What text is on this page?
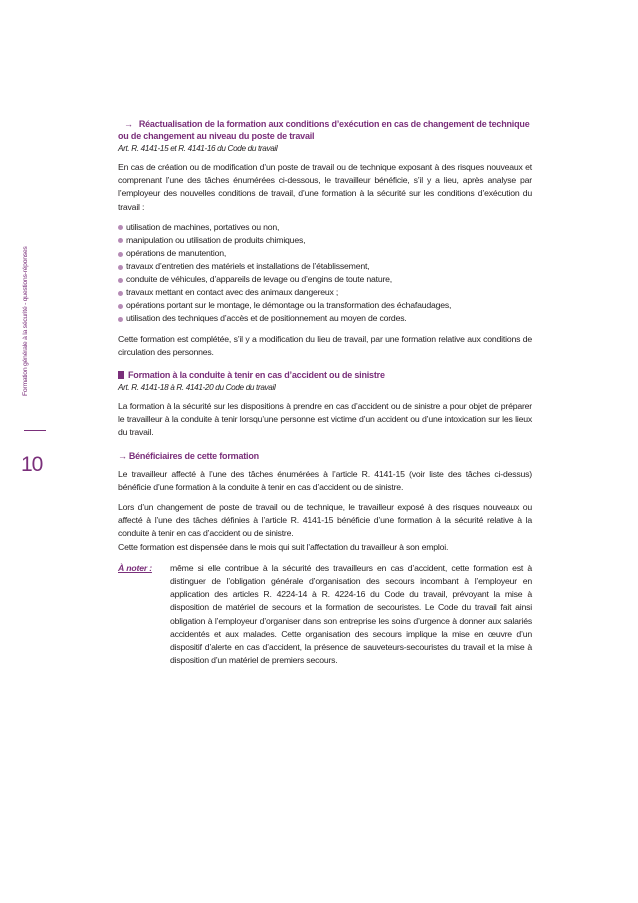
Formation générale à la sécurité - questions-réponses
10
→ Réactualisation de la formation aux conditions d’exécution en cas de changement de technique ou de changement au niveau du poste de travail
Art. R. 4141-15 et R. 4141-16 du Code du travail

En cas de création ou de modification d’un poste de travail ou de technique exposant à des risques nouveaux et comprenant l’une des tâches énumérées ci-dessous, le travailleur bénéficie, s’il y a lieu, après analyse par l’employeur des nouvelles conditions de travail, d’une formation à la sécurité sur les conditions d’exécution du travail :

utilisation de machines, portatives ou non,
manipulation ou utilisation de produits chimiques,
opérations de manutention,
travaux d’entretien des matériels et installations de l’établissement,
conduite de véhicules, d’appareils de levage ou d’engins de toute nature,
travaux mettant en contact avec des animaux dangereux ;
opérations portant sur le montage, le démontage ou la transformation des échafaudages,
utilisation des techniques d’accès et de positionnement au moyen de cordes.

Cette formation est complétée, s’il y a modification du lieu de travail, par une formation relative aux conditions de circulation des personnes.

Formation à la conduite à tenir en cas d’accident ou de sinistre
Art. R. 4141-18 à R. 4141-20 du Code du travail

La formation à la sécurité sur les dispositions à prendre en cas d’accident ou de sinistre a pour objet de préparer le travailleur à la conduite à tenir lorsqu’une personne est victime d’un accident ou d’une intoxication sur les lieux du travail.

→ Bénéficiaires de cette formation

Le travailleur affecté à l’une des tâches énumérées à l’article R. 4141-15 (voir liste des tâches ci-dessus) bénéficie d’une formation à la conduite à tenir en cas d’accident ou de sinistre.

Lors d’un changement de poste de travail ou de technique, le travailleur exposé à des risques nouveaux ou affecté à l’une des tâches définies à l’article R. 4141-15 bénéficie d’une formation à la sécurité relative à la conduite à tenir en cas d’accident ou de sinistre.

Cette formation est dispensée dans le mois qui suit l’affectation du travailleur à son emploi.

À noter :	même si elle contribue à la sécurité des travailleurs en cas d’accident, cette formation est à distinguer de l’obligation générale d’organisation des secours incombant à l’employeur en application des articles R. 4224-14 à R. 4224-16 du Code du travail, prévoyant la mise à disposition de matériel de secours et la formation de secouristes. Le Code du travail fait ainsi obligation à l’employeur d’organiser dans son entreprise les soins d’urgence à donner aux salariés accidentés et aux malades. Cette organisation des secours implique la mise en œuvre d’un dispositif d’alerte en cas d’accident, la présence de sauveteurs-secouristes du travail et la mise à disposition d’un matériel de premiers secours.
